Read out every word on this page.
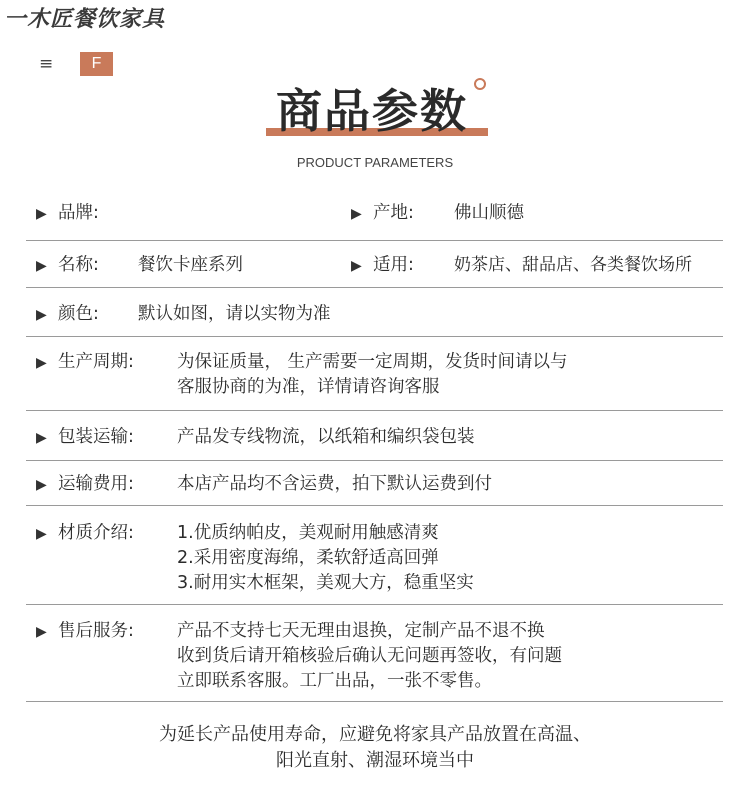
一木匠餐饮家具
≡	F
商品参数
PRODUCT PARAMETERS
▶ 品牌:	▶ 产地: 佛山顺德
▶ 名称: 餐饮卡座系列	▶ 适用: 奶茶店、甜品店、各类餐饮场所
▶ 颜色: 默认如图，请以实物为准
▶ 生产周期: 为保证质量， 生产需要一定周期，发货时间请以与
客服协商的为准，详情请咨询客服
▶ 包装运输: 产品发专线物流，以纸箱和编织袋包装
▶ 运输费用: 本店产品均不含运费，拍下默认运费到付
▶ 材质介绍: 1.优质纳帕皮，美观耐用触感清爽
2.采用密度海绵，柔软舒适高回弹
3.耐用实木框架，美观大方，稳重坚实
▶ 售后服务: 产品不支持七天无理由退换，定制产品不退不换
收到货后请开箱核验后确认无问题再签收，有问题
立即联系客服。工厂出品，一张不零售。
为延长产品使用寿命，应避免将家具产品放置在高温、
阳光直射、潮湿环境当中
